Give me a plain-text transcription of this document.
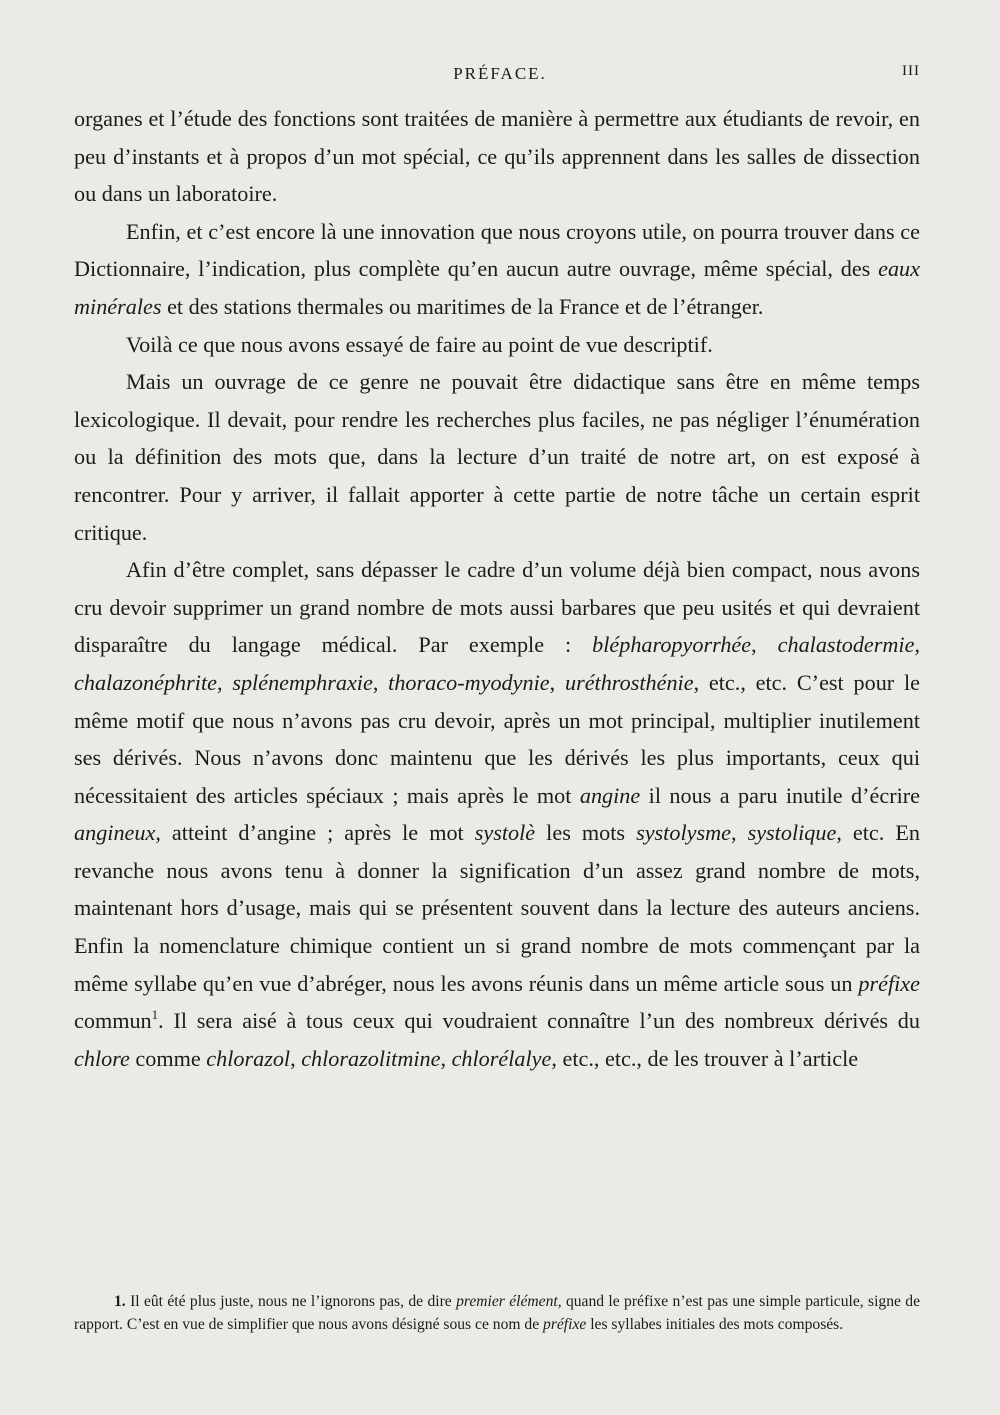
PRÉFACE.	III

organes et l’étude des fonctions sont traitées de manière à permettre aux étudiants de revoir, en peu d’instants et à propos d’un mot spécial, ce qu’ils apprennent dans les salles de dissection ou dans un laboratoire.

Enfin, et c’est encore là une innovation que nous croyons utile, on pourra trouver dans ce Dictionnaire, l’indication, plus complète qu’en aucun autre ouvrage, même spécial, des eaux minérales et des stations thermales ou maritimes de la France et de l’étranger.

Voilà ce que nous avons essayé de faire au point de vue descriptif.

Mais un ouvrage de ce genre ne pouvait être didactique sans être en même temps lexicologique. Il devait, pour rendre les recherches plus faciles, ne pas négliger l’énumération ou la définition des mots que, dans la lecture d’un traité de notre art, on est exposé à rencontrer. Pour y arriver, il fallait apporter à cette partie de notre tâche un certain esprit critique.

Afin d’être complet, sans dépasser le cadre d’un volume déjà bien compact, nous avons cru devoir supprimer un grand nombre de mots aussi barbares que peu usités et qui devraient disparaître du langage médical. Par exemple : blépharopyorrhée, chalastodermie, chalazonéphrite, splénemphraxie, thoraco-myodynie, uréthrosthénie, etc., etc. C’est pour le même motif que nous n’avons pas cru devoir, après un mot principal, multiplier inutilement ses dérivés. Nous n’avons donc maintenu que les dérivés les plus importants, ceux qui nécessitaient des articles spéciaux ; mais après le mot angine il nous a paru inutile d’écrire angineux, atteint d’angine ; après le mot systolè les mots systolysme, systolique, etc. En revanche nous avons tenu à donner la signification d’un assez grand nombre de mots, maintenant hors d’usage, mais qui se présentent souvent dans la lecture des auteurs anciens. Enfin la nomenclature chimique contient un si grand nombre de mots commençant par la même syllabe qu’en vue d’abréger, nous les avons réunis dans un même article sous un préfixe commun$^1$. Il sera aisé à tous ceux qui voudraient connaître l’un des nombreux dérivés du chlore comme chlorazol, chlorazolitmine, chlorélalye, etc., etc., de les trouver à l’article

1. Il eût été plus juste, nous ne l’ignorons pas, de dire premier élément, quand le préfixe n’est pas une simple particule, signe de rapport. C’est en vue de simplifier que nous avons désigné sous ce nom de préfixe les syllabes initiales des mots composés.
